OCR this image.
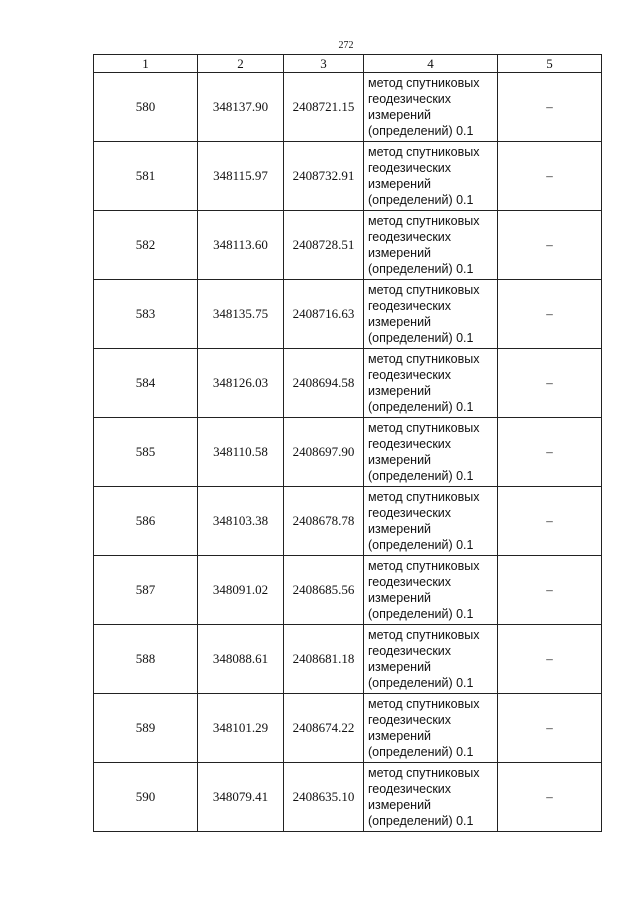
272
1	2	3	4	5
580	348137.90	2408721.15	метод спутниковых
геодезических
измерений
(определений) 0.1	–
581	348115.97	2408732.91	метод спутниковых
геодезических
измерений
(определений) 0.1	–
582	348113.60	2408728.51	метод спутниковых
геодезических
измерений
(определений) 0.1	–
583	348135.75	2408716.63	метод спутниковых
геодезических
измерений
(определений) 0.1	–
584	348126.03	2408694.58	метод спутниковых
геодезических
измерений
(определений) 0.1	–
585	348110.58	2408697.90	метод спутниковых
геодезических
измерений
(определений) 0.1	–
586	348103.38	2408678.78	метод спутниковых
геодезических
измерений
(определений) 0.1	–
587	348091.02	2408685.56	метод спутниковых
геодезических
измерений
(определений) 0.1	–
588	348088.61	2408681.18	метод спутниковых
геодезических
измерений
(определений) 0.1	–
589	348101.29	2408674.22	метод спутниковых
геодезических
измерений
(определений) 0.1	–
590	348079.41	2408635.10	метод спутниковых
геодезических
измерений
(определений) 0.1	–
